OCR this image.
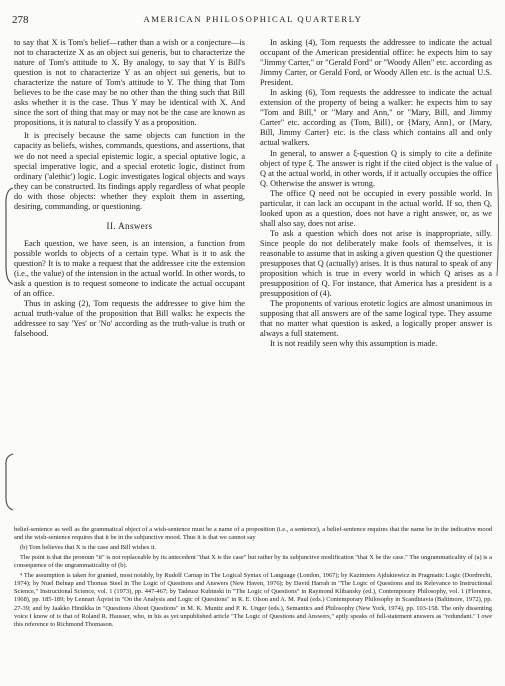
278	AMERICAN PHILOSOPHICAL QUARTERLY

to say that X is Tom's belief—rather than a wish or a conjecture—is not to characterize X as an object sui generis, but to characterize the nature of Tom's attitude to X. By analogy, to say that Y is Bill's question is not to characterize Y as an object sui generis, but to characterize the nature of Tom's attitude to Y. The thing that Tom believes to be the case may be no other than the thing such that Bill asks whether it is the case. Thus Y may be identical with X. And since the sort of thing that may or may not be the case are known as propositions, it is natural to classify Y as a proposition.

It is precisely because the same objects can function in the capacity as beliefs, wishes, commands, questions, and assertions, that we do not need a special epistemic logic, a special optative logic, a special imperative logic, and a special erotetic logic, distinct from ordinary ('alethic') logic. Logic investigates logical objects and ways they can be constructed. Its findings apply regardless of what people do with those objects: whether they exploit them in asserting, desiring, commanding, or questioning.

II. Answers

Each question, we have seen, is an intension, a function from possible worlds to objects of a certain type. What is it to ask the question? It is to make a request that the addressee cite the extension (i.e., the value) of the intension in the actual world. In other words, to ask a question is to request someone to indicate the actual occupant of an office.

Thus in asking (2), Tom requests the addressee to give him the actual truth-value of the proposition that Bill walks: he expects the addressee to say 'Yes' or 'No' according as the truth-value is truth or falsehood.

In asking (4), Tom requests the addressee to indicate the actual occupant of the American presidential office: he expects him to say "Jimmy Carter," or "Gerald Ford" or "Woody Allen" etc. according as Jimmy Carter, or Gerald Ford, or Woody Allen etc. is the actual U.S. President.

In asking (6), Tom requests the addressee to indicate the actual extension of the property of being a walker: he expects him to say "Tom and Bill," or "Mary and Ann," or "Mary, Bill, and Jimmy Carter" etc. according as {Tom, Bill}, or {Mary, Ann}, or {Mary, Bill, Jimmy Carter} etc. is the class which contains all and only actual walkers.

In general, to answer a ξ-question Q is simply to cite a definite object of type ξ. The answer is right if the cited object is the value of Q at the actual world, in other words, if it actually occupies the office Q. Otherwise the answer is wrong.

The office Q need not be occupied in every possible world. In particular, it can lack an occupant in the actual world. If so, then Q, looked upon as a question, does not have a right answer, or, as we shall also say, does not arise.

To ask a question which does not arise is inappropriate, silly. Since people do not deliberately make fools of themselves, it is reasonable to assume that in asking a given question Q the questioner presupposes that Q (actually) arises. It is thus natural to speak of any proposition which is true in every world in which Q arises as a presupposition of Q. For instance, that America has a president is a presupposition of (4).

The proponents of various erotetic logics are almost unanimous in supposing that all answers are of the same logical type. They assume that no matter what question is asked, a logically proper answer is always a full statement.

It is not readily seen why this assumption is made.

belief-sentence as well as the grammatical object of a wish-sentence must be a name of a proposition (i.e., a sentence), a belief-sentence requires that the name be in the indicative mood and the wish-sentence requires that it be in the subjunctive mood. Thus it is that we cannot say

(b) Tom believes that X is the case and Bill wishes it.

The point is that the pronoun "it" is not replaceable by its antecedent "that X is the case" but rather by its subjunctive modification "that X be the case." The ungrammaticality of (a) is a consequence of the ungrammaticality of (b).

⁴ The assumption is taken for granted, most notably, by Rudolf Carnap in The Logical Syntax of Language (London, 1967); by Kazimiers Ajdukiewicz in Pragmatic Logic (Dordrecht, 1974); by Nuel Belnap and Thomas Steel in The Logic of Questions and Answers (New Haven, 1976); by David Harrah in "The Logic of Questions and its Relevance to Instructional Science," Instructional Science, vol. 1 (1973), pp. 447-467; by Tadeusz Kubinski in "The Logic of Questions" in Raymond Klibansky (ed.), Contemporary Philosophy, vol. 1 (Florence, 1968), pp. 185-189; by Lennart Åqvist in "On the Analysis and Logic of Questions" in R. E. Olson and A. M. Paul (eds.) Contemporary Philosophy in Scandinavia (Baltimore, 1972), pp. 27-39; and by Jaakko Hintikka in "Questions About Questions" in M. K. Munitz and P. K. Unger (eds.), Semantics and Philosophy (New York, 1974), pp. 103-158. The only dissenting voice I know of is that of Roland R. Hausser, who, in his as yet unpublished article "The Logic of Questions and Answers," aptly speaks of full-statement answers as "redundant." I owe this reference to Richmond Thomason.
